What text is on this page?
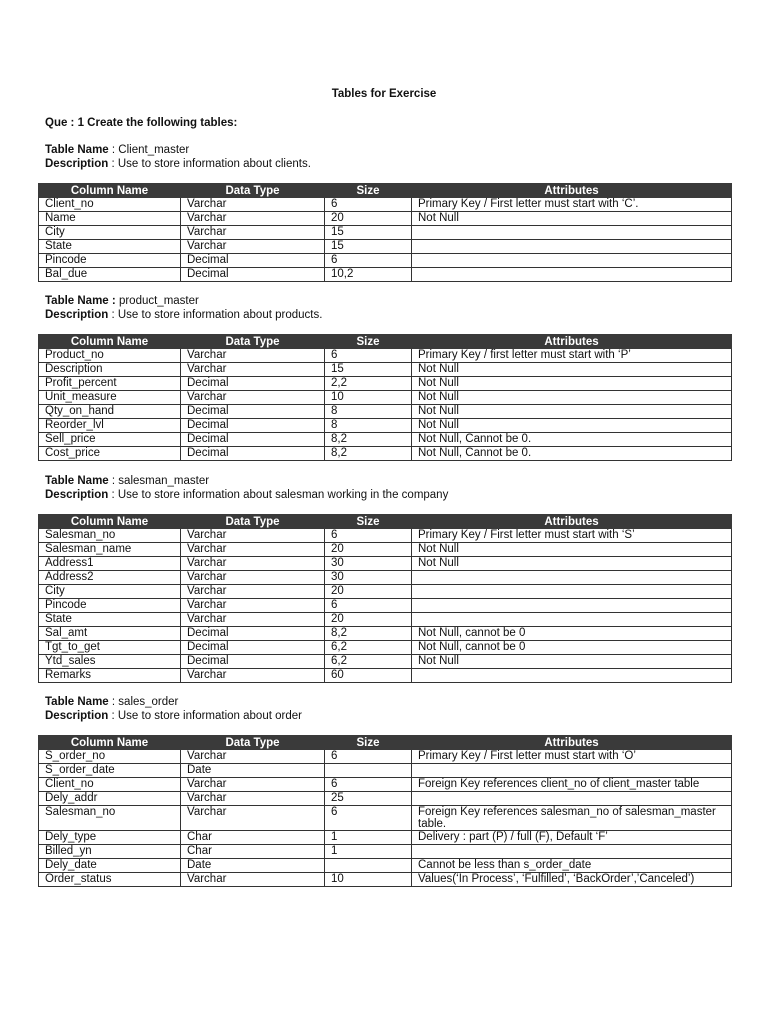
Tables for Exercise
Que : 1 Create the following tables:
Table Name : Client_master
Description : Use to store information about clients.
Column Name	Data Type	Size	Attributes
Client_no	Varchar	6	Primary Key / First letter must start with ‘C’.
Name	Varchar	20	Not Null
City	Varchar	15	
State	Varchar	15	
Pincode	Decimal	6	
Bal_due	Decimal	10,2	
Table Name : product_master
Description : Use to store information about products.
Column Name	Data Type	Size	Attributes
Product_no	Varchar	6	Primary Key / first letter must start with ‘P’
Description	Varchar	15	Not Null
Profit_percent	Decimal	2,2	Not Null
Unit_measure	Varchar	10	Not Null
Qty_on_hand	Decimal	8	Not Null
Reorder_lvl	Decimal	8	Not Null
Sell_price	Decimal	8,2	Not Null, Cannot be 0.
Cost_price	Decimal	8,2	Not Null, Cannot be 0.
Table Name : salesman_master
Description : Use to store information about salesman working in the company
Column Name	Data Type	Size	Attributes
Salesman_no	Varchar	6	Primary Key / First letter must start with ‘S’
Salesman_name	Varchar	20	Not Null
Address1	Varchar	30	Not Null
Address2	Varchar	30	
City	Varchar	20	
Pincode	Varchar	6	
State	Varchar	20	
Sal_amt	Decimal	8,2	Not Null, cannot be 0
Tgt_to_get	Decimal	6,2	Not Null, cannot be 0
Ytd_sales	Decimal	6,2	Not Null
Remarks	Varchar	60	
Table Name : sales_order
Description : Use to store information about order
Column Name	Data Type	Size	Attributes
S_order_no	Varchar	6	Primary Key / First letter must start with ‘O’
S_order_date	Date		
Client_no	Varchar	6	Foreign Key references client_no of client_master table
Dely_addr	Varchar	25	
Salesman_no	Varchar	6	Foreign Key references salesman_no of salesman_master table.
Dely_type	Char	1	Delivery : part (P) / full (F), Default ‘F’
Billed_yn	Char	1	
Dely_date	Date		Cannot be less than s_order_date
Order_status	Varchar	10	Values(‘In Process’, ‘Fulfilled’, ‘BackOrder’,’Canceled’)
